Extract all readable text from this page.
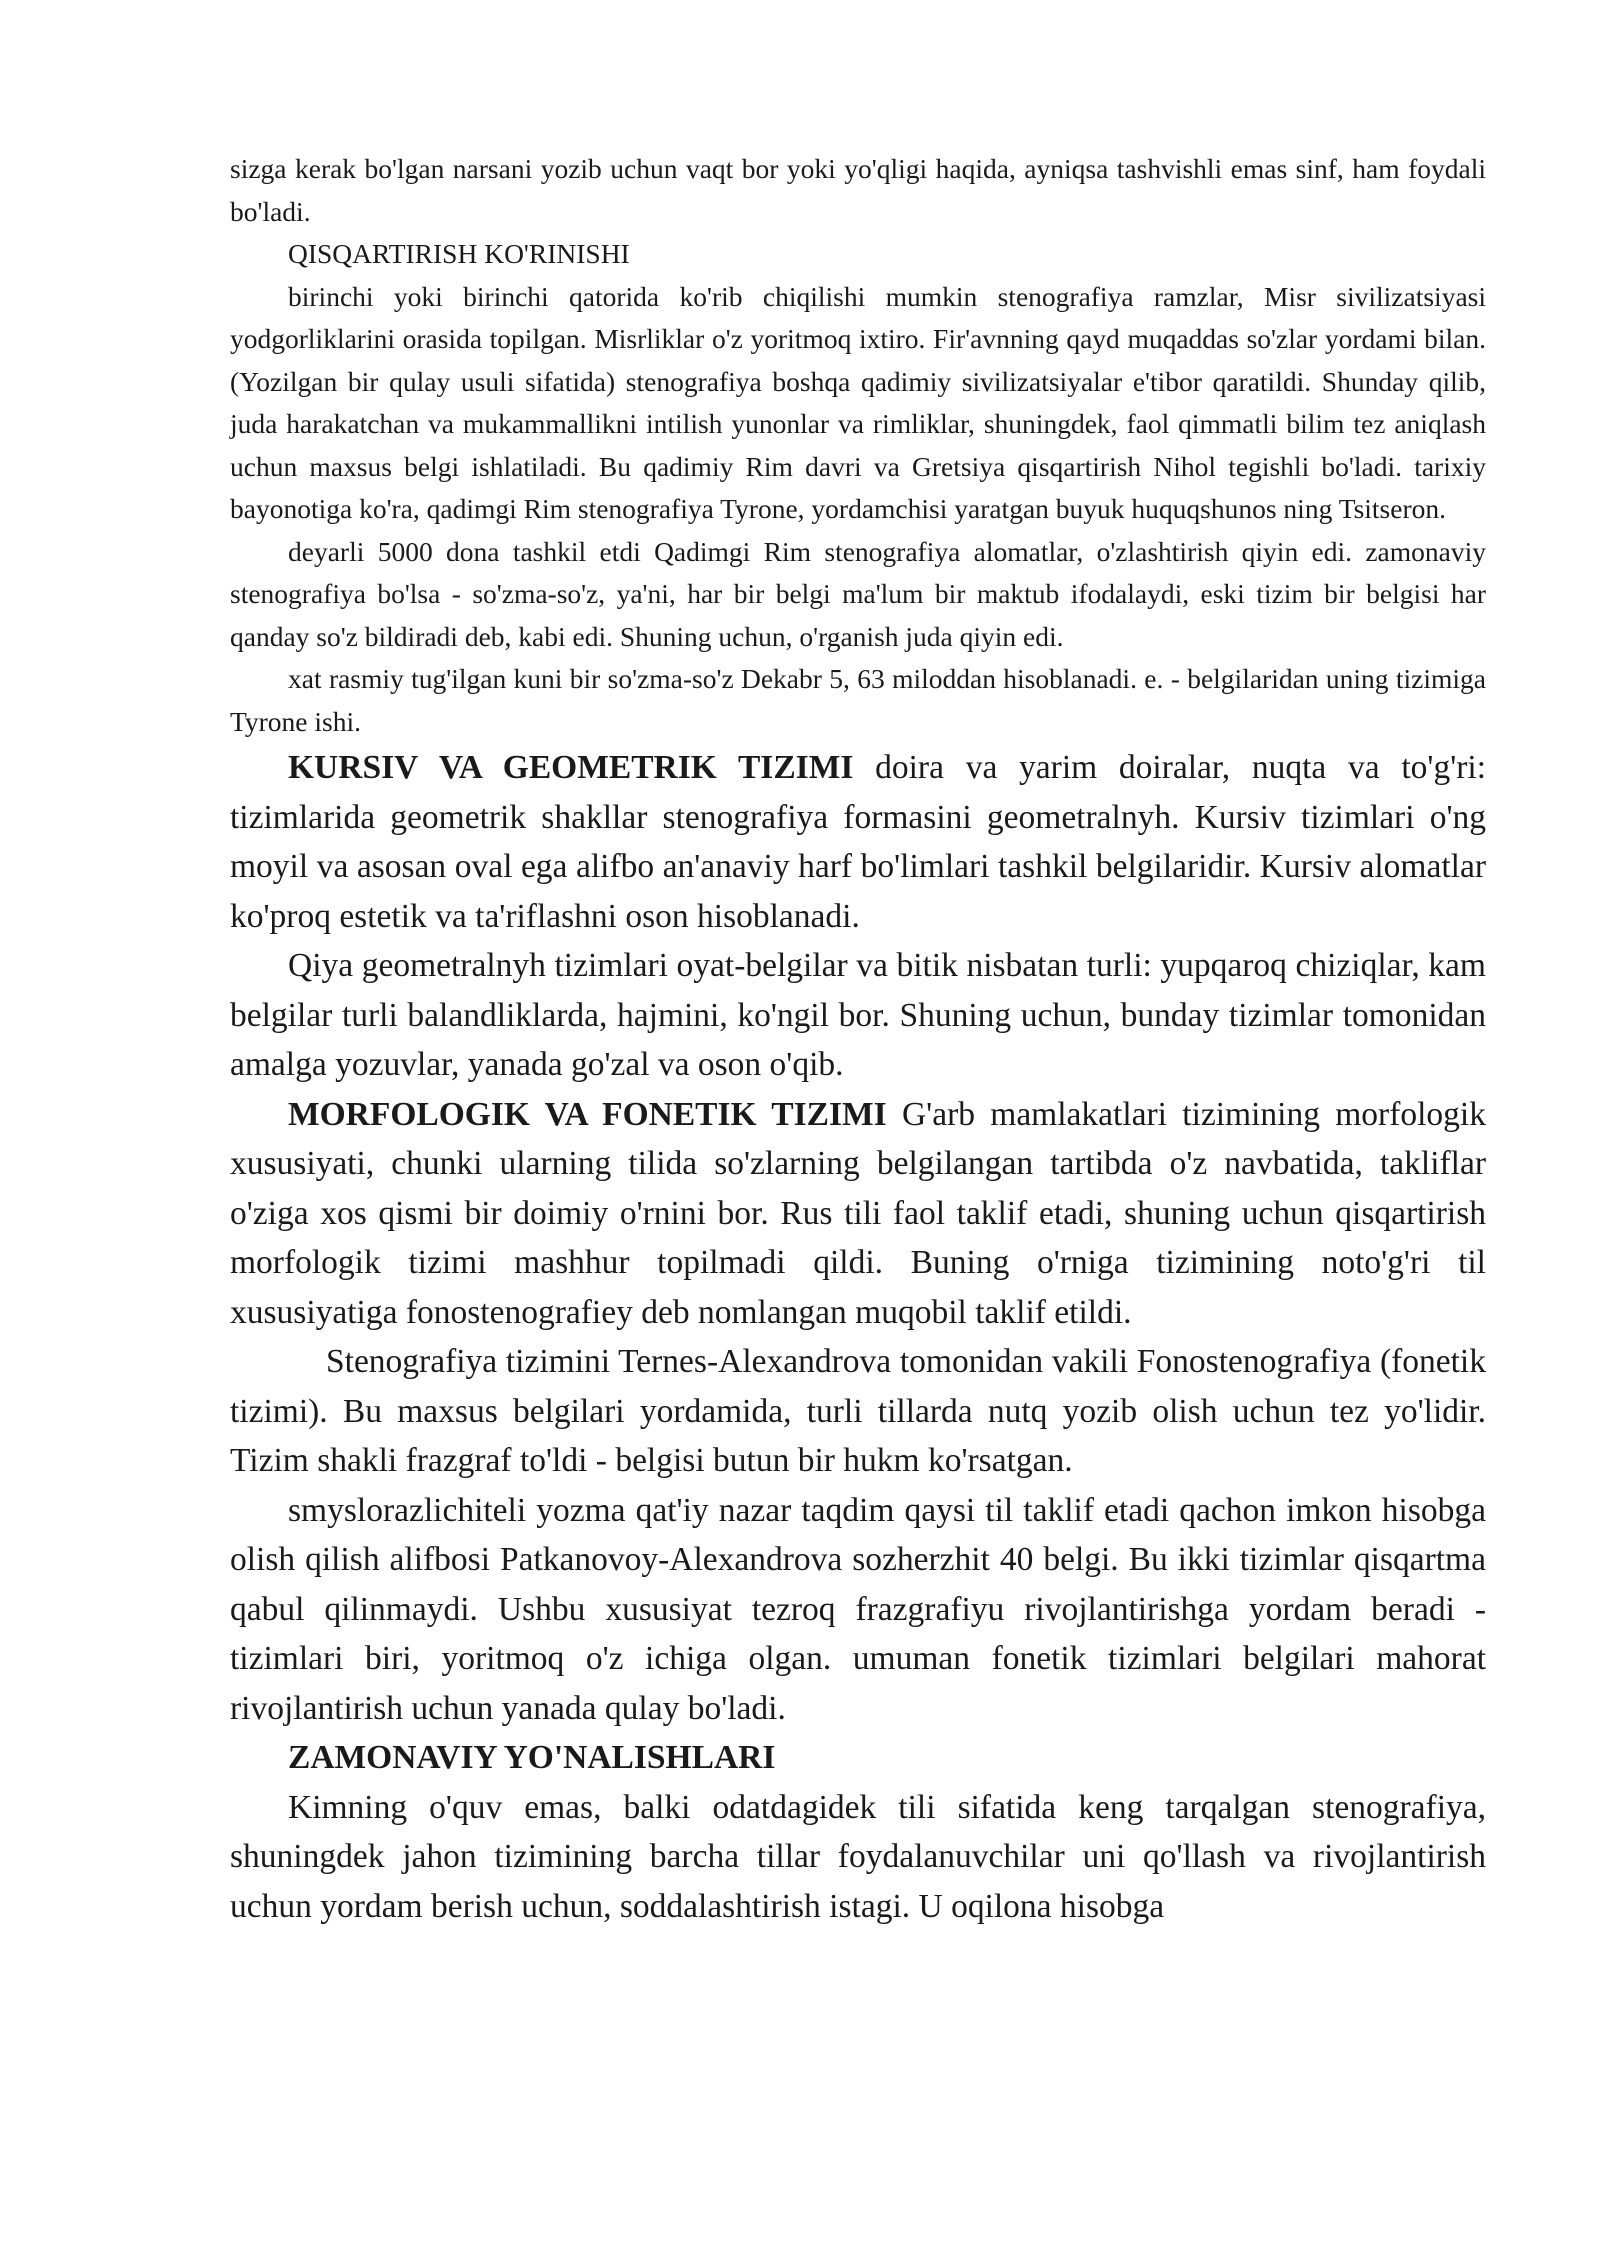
sizga kerak bo'lgan narsani yozib uchun vaqt bor yoki yo'qligi haqida, ayniqsa tashvishli emas sinf, ham foydali bo'ladi.

QISQARTIRISH KO'RINISHI

birinchi yoki birinchi qatorida ko'rib chiqilishi mumkin stenografiya ramzlar, Misr sivilizatsiyasi yodgorliklarini orasida topilgan. Misrliklar o'z yoritmoq ixtiro. Fir'avnning qayd muqaddas so'zlar yordami bilan. (Yozilgan bir qulay usuli sifatida) stenografiya boshqa qadimiy sivilizatsiyalar e'tibor qaratildi. Shunday qilib, juda harakatchan va mukammallikni intilish yunonlar va rimliklar, shuningdek, faol qimmatli bilim tez aniqlash uchun maxsus belgi ishlatiladi. Bu qadimiy Rim davri va Gretsiya qisqartirish Nihol tegishli bo'ladi. tarixiy bayonotiga ko'ra, qadimgi Rim stenografiya Tyrone, yordamchisi yaratgan buyuk huquqshunos ning Tsitseron.

deyarli 5000 dona tashkil etdi Qadimgi Rim stenografiya alomatlar, o'zlashtirish qiyin edi. zamonaviy stenografiya bo'lsa - so'zma-so'z, ya'ni, har bir belgi ma'lum bir maktub ifodalaydi, eski tizim bir belgisi har qanday so'z bildiradi deb, kabi edi. Shuning uchun, o'rganish juda qiyin edi.

xat rasmiy tug'ilgan kuni bir so'zma-so'z Dekabr 5, 63 miloddan hisoblanadi. e. - belgilaridan uning tizimiga Tyrone ishi.

KURSIV VA GEOMETRIK TIZIMI doira va yarim doiralar, nuqta va to'g'ri: tizimlarida geometrik shakllar stenografiya formasini geometralnyh. Kursiv tizimlari o'ng moyil va asosan oval ega alifbo an'anaviy harf bo'limlari tashkil belgilaridir. Kursiv alomatlar ko'proq estetik va ta'riflashni oson hisoblanadi.

Qiya geometralnyh tizimlari oyat-belgilar va bitik nisbatan turli: yupqaroq chiziqlar, kam belgilar turli balandliklarda, hajmini, ko'ngil bor. Shuning uchun, bunday tizimlar tomonidan amalga yozuvlar, yanada go'zal va oson o'qib.

MORFOLOGIK VA FONETIK TIZIMI G'arb mamlakatlari tizimining morfologik xususiyati, chunki ularning tilida so'zlarning belgilangan tartibda o'z navbatida, takliflar o'ziga xos qismi bir doimiy o'rnini bor. Rus tili faol taklif etadi, shuning uchun qisqartirish morfologik tizimi mashhur topilmadi qildi. Buning o'rniga tizimining noto'g'ri til xususiyatiga fonostenografiey deb nomlangan muqobil taklif etildi.

Stenografiya tizimini Ternes-Alexandrova tomonidan vakili Fonostenografiya (fonetik tizimi). Bu maxsus belgilari yordamida, turli tillarda nutq yozib olish uchun tez yo'lidir. Tizim shakli frazgraf to'ldi - belgisi butun bir hukm ko'rsatgan.

smyslorazlichiteli yozma qat'iy nazar taqdim qaysi til taklif etadi qachon imkon hisobga olish qilish alifbosi Patkanovoy-Alexandrova sozherzhit 40 belgi. Bu ikki tizimlar qisqartma qabul qilinmaydi. Ushbu xususiyat tezroq frazgrafiyu rivojlantirishga yordam beradi - tizimlari biri, yoritmoq o'z ichiga olgan. umuman fonetik tizimlari belgilari mahorat rivojlantirish uchun yanada qulay bo'ladi.

ZAMONAVIY YO'NALISHLARI

Kimning o'quv emas, balki odatdagidek tili sifatida keng tarqalgan stenografiya, shuningdek jahon tizimining barcha tillar foydalanuvchilar uni qo'llash va rivojlantirish uchun yordam berish uchun, soddalashtirish istagi. U oqilona hisobga
